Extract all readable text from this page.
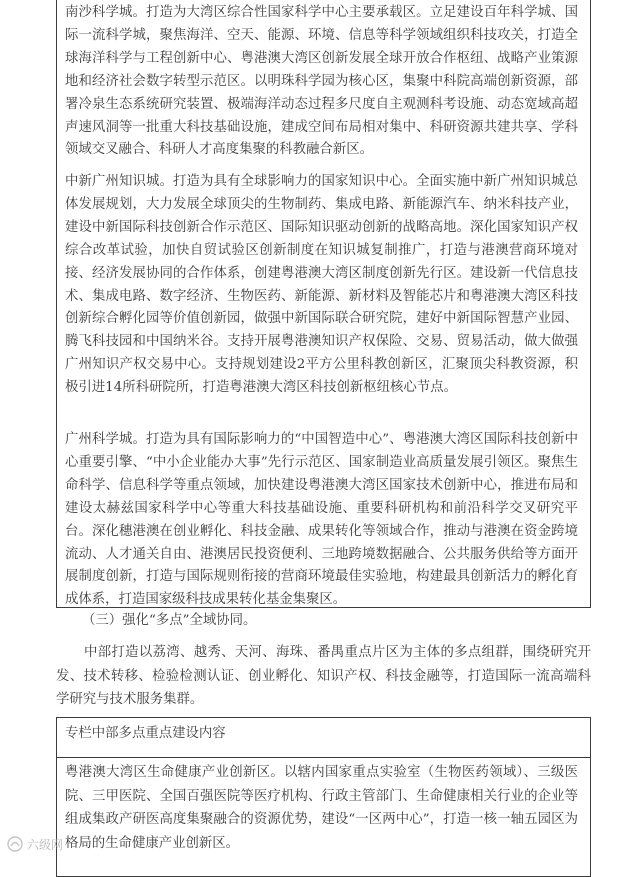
南沙科学城。打造为大湾区综合性国家科学中心主要承载区。立足建设百年科学城、国际一流科学城，聚焦海洋、空天、能源、环境、信息等科学领域组织科技攻关，打造全球海洋科学与工程创新中心、粤港澳大湾区创新发展全球开放合作枢纽、战略产业策源地和经济社会数字转型示范区。以明珠科学园为核心区，集聚中科院高端创新资源，部署冷泉生态系统研究装置、极端海洋动态过程多尺度自主观测科考设施、动态宽域高超声速风洞等一批重大科技基础设施，建成空间布局相对集中、科研资源共建共享、学科领域交叉融合、科研人才高度集聚的科教融合新区。

中新广州知识城。打造为具有全球影响力的国家知识中心。全面实施中新广州知识城总体发展规划，大力发展全球顶尖的生物制药、集成电路、新能源汽车、纳米科技产业，建设中新国际科技创新合作示范区、国际知识驱动创新的战略高地。深化国家知识产权综合改革试验，加快自贸试验区创新制度在知识城复制推广，打造与港澳营商环境对接、经济发展协同的合作体系，创建粤港澳大湾区制度创新先行区。建设新一代信息技术、集成电路、数字经济、生物医药、新能源、新材料及智能芯片和粤港澳大湾区科技创新综合孵化园等价值创新园，做强中新国际联合研究院，建好中新国际智慧产业园、腾飞科技园和中国纳米谷。支持开展粤港澳知识产权保险、交易、贸易活动，做大做强广州知识产权交易中心。支持规划建设2平方公里科教创新区，汇聚顶尖科教资源，积极引进14所科研院所，打造粤港澳大湾区科技创新枢纽核心节点。

广州科学城。打造为具有国际影响力的“中国智造中心”、粤港澳大湾区国际科技创新中心重要引擎、“中小企业能办大事”先行示范区、国家制造业高质量发展引领区。聚焦生命科学、信息科学等重点领域，加快建设粤港澳大湾区国家技术创新中心，推进布局和建设太赫兹国家科学中心等重大科技基础设施、重要科研机构和前沿科学交叉研究平台。深化穗港澳在创业孵化、科技金融、成果转化等领域合作，推动与港澳在资金跨境流动、人才通关自由、港澳居民投资便利、三地跨境数据融合、公共服务供给等方面开展制度创新，打造与国际规则衔接的营商环境最佳实验地，构建最具创新活力的孵化育成体系，打造国家级科技成果转化基金集聚区。

（三）强化“多点”全域协同。

中部打造以荔湾、越秀、天河、海珠、番禺重点片区为主体的多点组群，围绕研究开发、技术转移、检验检测认证、创业孵化、知识产权、科技金融等，打造国际一流高端科学研究与技术服务集群。

专栏中部多点重点建设内容

粤港澳大湾区生命健康产业创新区。以辖内国家重点实验室（生物医药领域）、三级医院、三甲医院、全国百强医院等医疗机构、行政主管部门、生命健康相关行业的企业等组成集政产研医高度集聚融合的资源优势，建设“一区两中心”，打造一核一轴五园区为格局的生命健康产业创新区。

六级网
